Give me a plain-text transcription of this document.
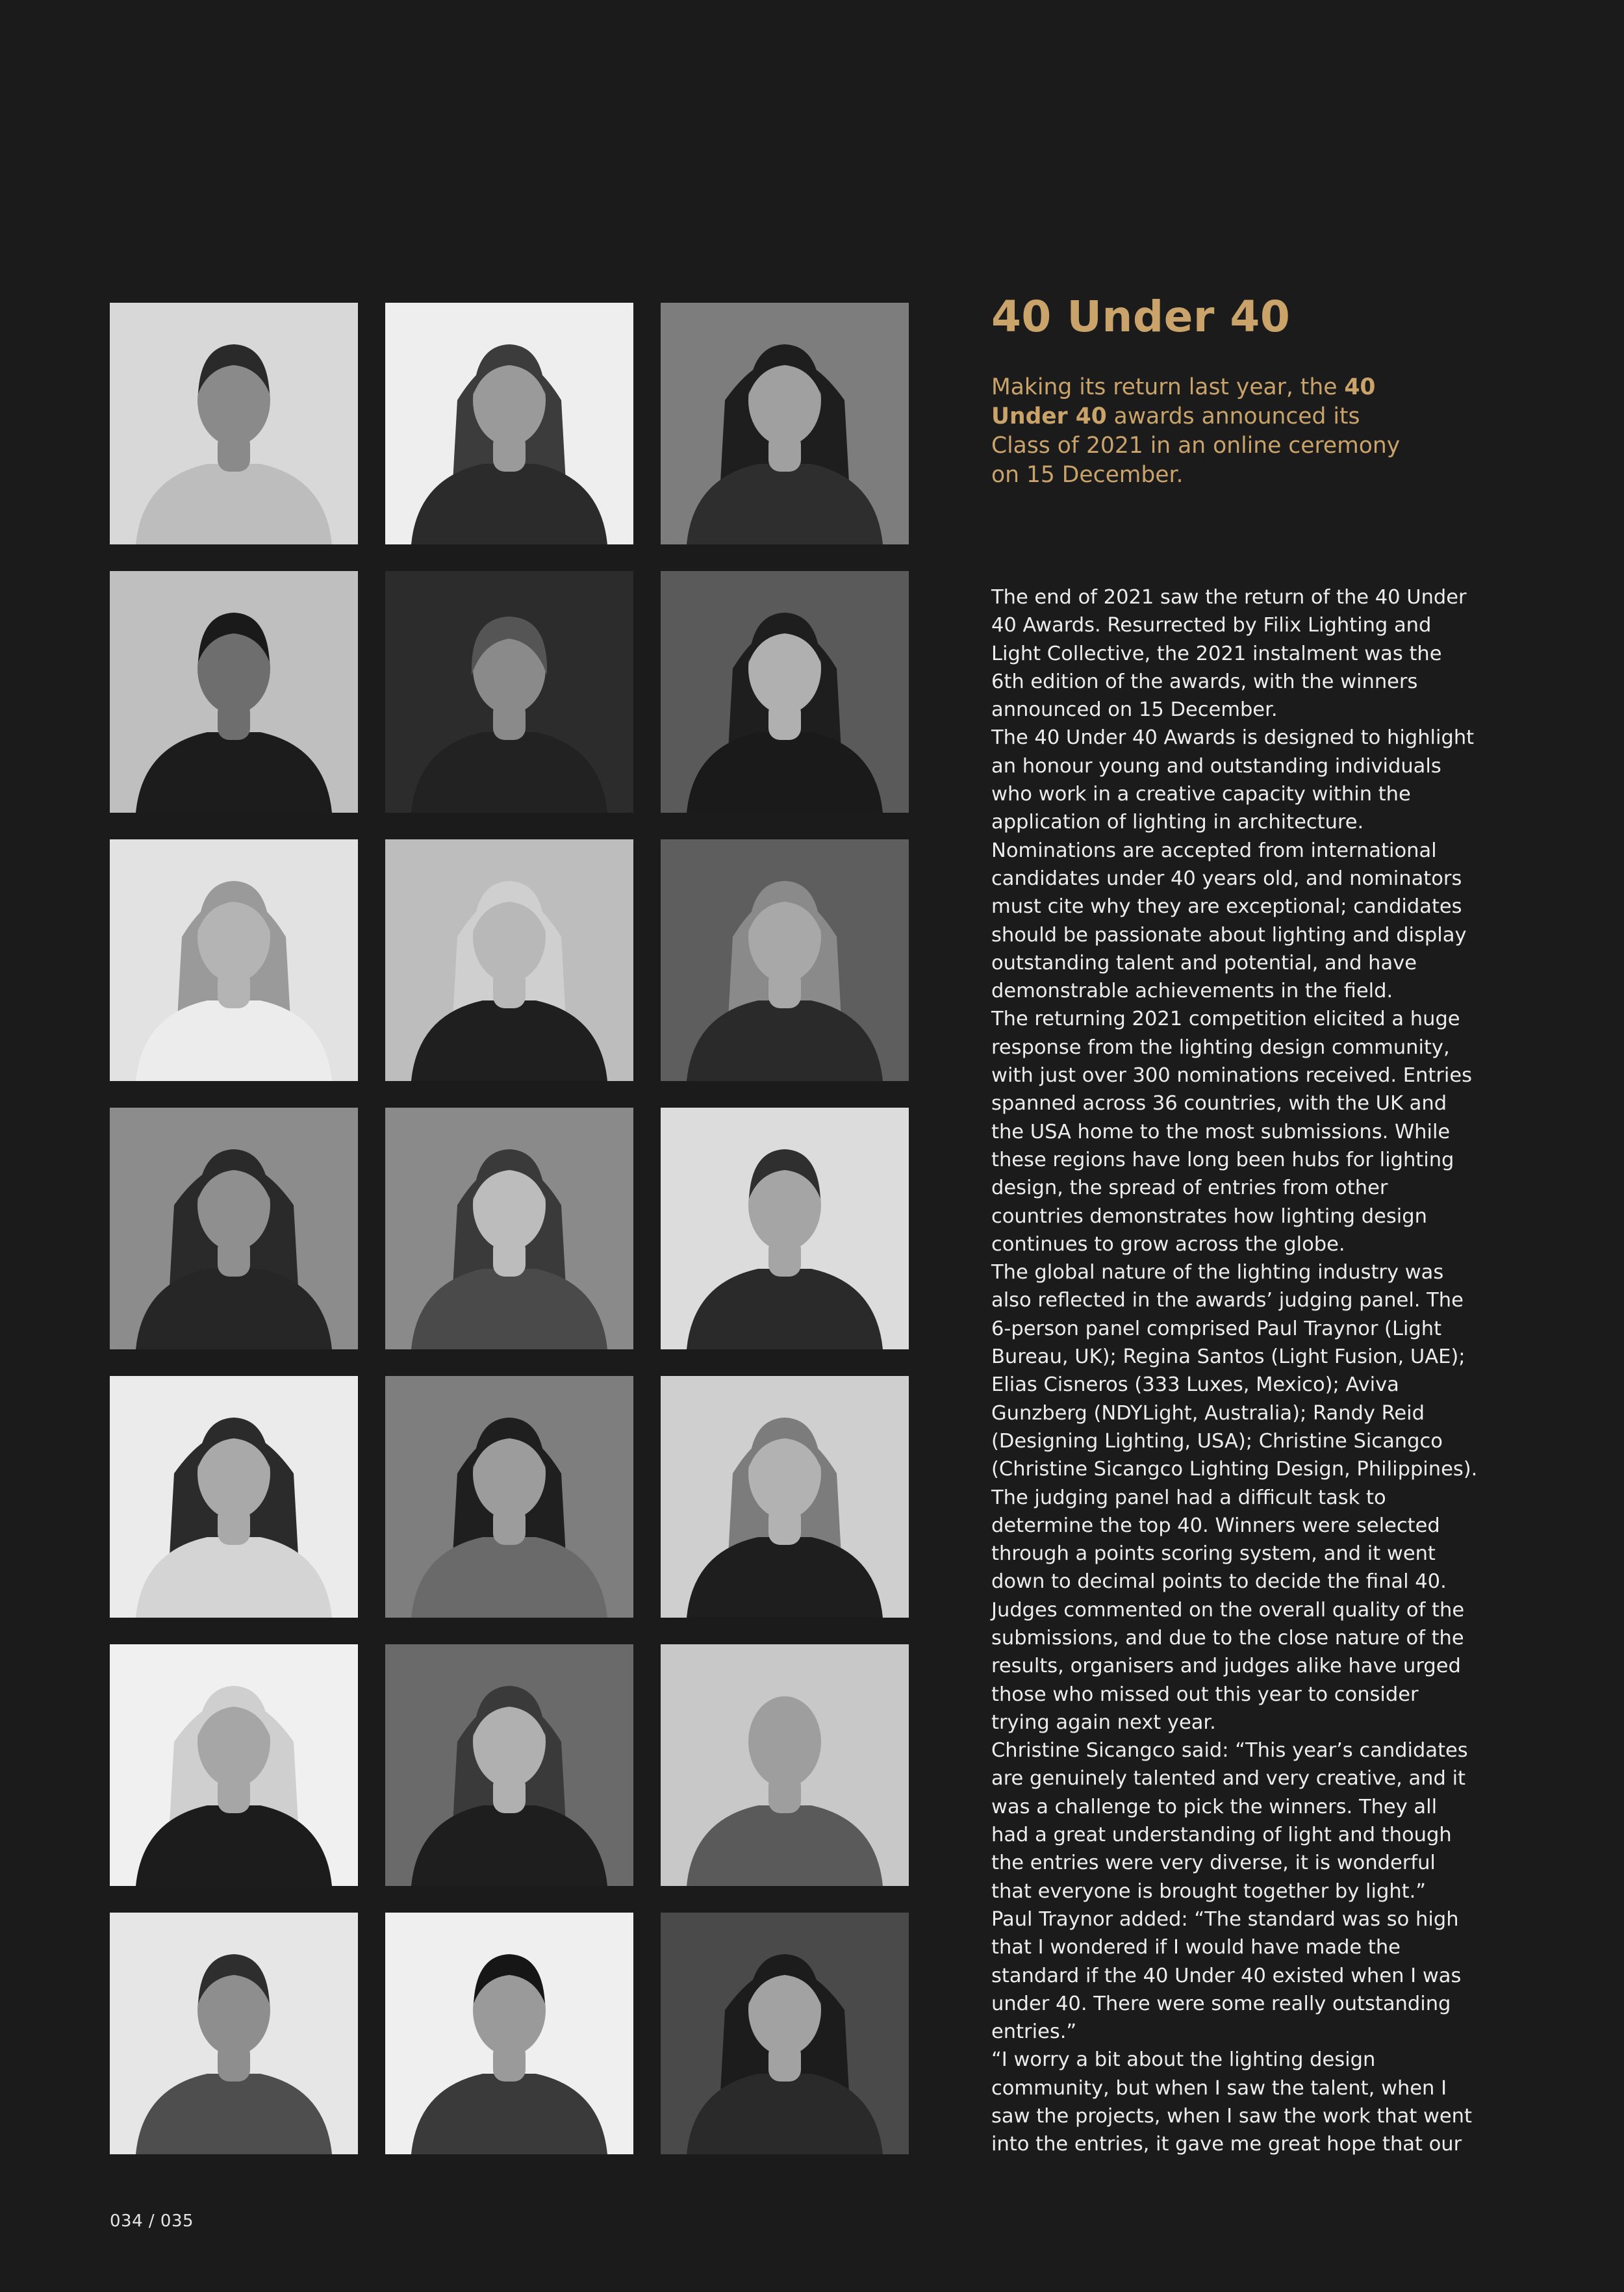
40 Under 40

Making its return last year, the 40 Under 40 awards announced its Class of 2021 in an online ceremony on 15 December.

The end of 2021 saw the return of the 40 Under 40 Awards. Resurrected by Filix Lighting and Light Collective, the 2021 instalment was the 6th edition of the awards, with the winners announced on 15 December.

The 40 Under 40 Awards is designed to highlight an honour young and outstanding individuals who work in a creative capacity within the application of lighting in architecture.

Nominations are accepted from international candidates under 40 years old, and nominators must cite why they are exceptional; candidates should be passionate about lighting and display outstanding talent and potential, and have demonstrable achievements in the field.

The returning 2021 competition elicited a huge response from the lighting design community, with just over 300 nominations received. Entries spanned across 36 countries, with the UK and the USA home to the most submissions. While these regions have long been hubs for lighting design, the spread of entries from other countries demonstrates how lighting design continues to grow across the globe.

The global nature of the lighting industry was also reflected in the awards’ judging panel. The 6-person panel comprised Paul Traynor (Light Bureau, UK); Regina Santos (Light Fusion, UAE); Elias Cisneros (333 Luxes, Mexico); Aviva Gunzberg (NDYLight, Australia); Randy Reid (Designing Lighting, USA); Christine Sicangco (Christine Sicangco Lighting Design, Philippines).

The judging panel had a difficult task to determine the top 40. Winners were selected through a points scoring system, and it went down to decimal points to decide the final 40. Judges commented on the overall quality of the submissions, and due to the close nature of the results, organisers and judges alike have urged those who missed out this year to consider trying again next year.

Christine Sicangco said: “This year’s candidates are genuinely talented and very creative, and it was a challenge to pick the winners. They all had a great understanding of light and though the entries were very diverse, it is wonderful that everyone is brought together by light.”

Paul Traynor added: “The standard was so high that I wondered if I would have made the standard if the 40 Under 40 existed when I was under 40. There were some really outstanding entries.”

“I worry a bit about the lighting design community, but when I saw the talent, when I saw the projects, when I saw the work that went into the entries, it gave me great hope that our

034 / 035
